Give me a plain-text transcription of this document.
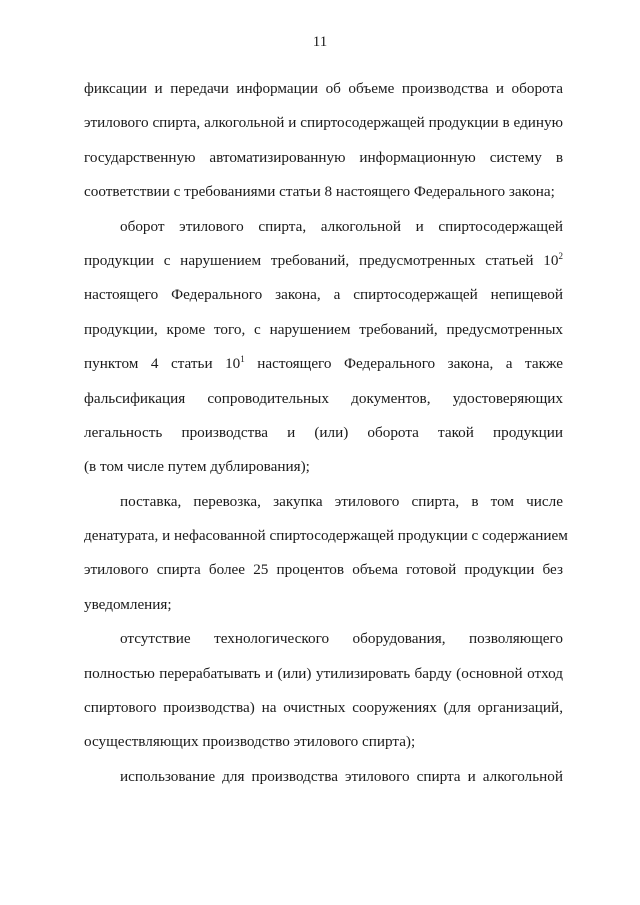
11
фиксации и передачи информации об объеме производства и оборота
этилового спирта, алкогольной и спиртосодержащей продукции в единую
государственную автоматизированную информационную систему в
соответствии с требованиями статьи 8 настоящего Федерального закона;
оборот этилового спирта, алкогольной и спиртосодержащей
продукции с нарушением требований, предусмотренных статьей $10^2$
настоящего Федерального закона, а спиртосодержащей непищевой
продукции, кроме того, с нарушением требований, предусмотренных
пунктом 4 статьи $10^1$ настоящего Федерального закона, а также
фальсификация сопроводительных документов, удостоверяющих
легальность производства и (или) оборота такой продукции
(в том числе путем дублирования);
поставка, перевозка, закупка этилового спирта, в том числе
денатурата, и нефасованной спиртосодержащей продукции с содержанием
этилового спирта более 25 процентов объема готовой продукции без
уведомления;
отсутствие технологического оборудования, позволяющего
полностью перерабатывать и (или) утилизировать барду (основной отход
спиртового производства) на очистных сооружениях (для организаций,
осуществляющих производство этилового спирта);
использование для производства этилового спирта и алкогольной
